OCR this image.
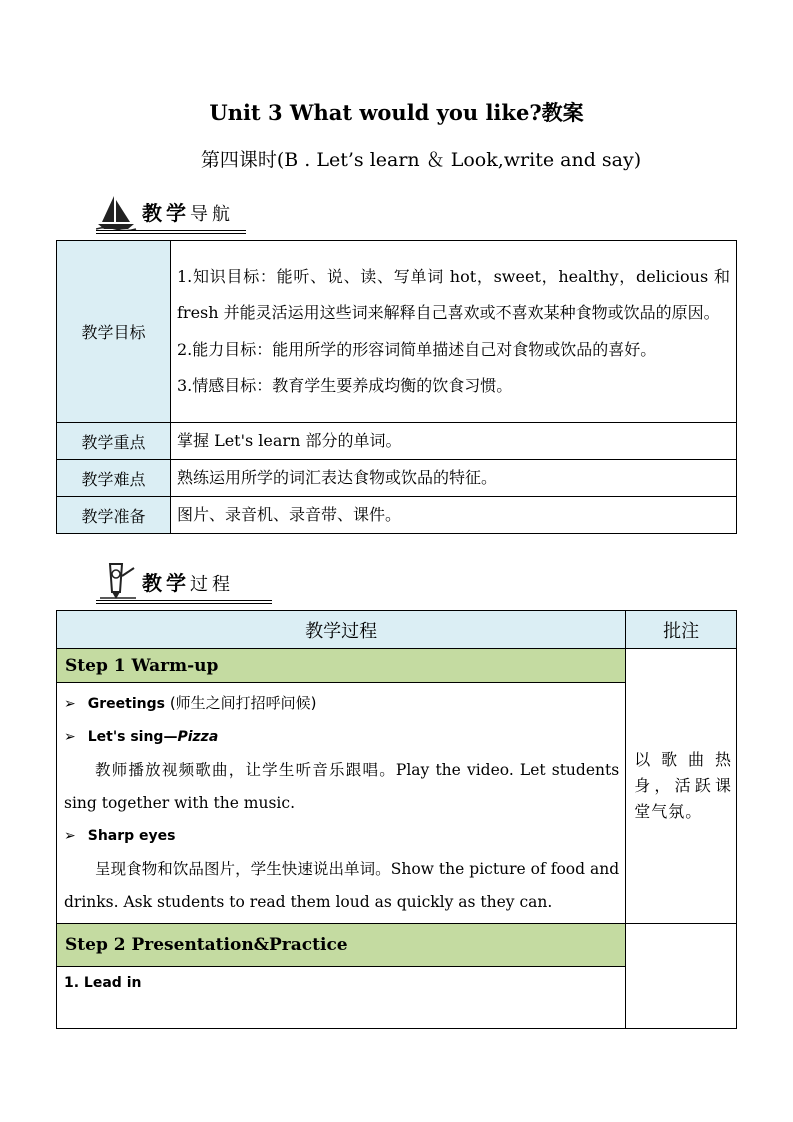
Unit 3 What would you like?教案
第四课时(B . Let’s learn ＆ Look,write and say)
教学导航
教学目标	1.知识目标：能听、说、读、写单词 hot，sweet，healthy，delicious 和 fresh 并能灵活运用这些词来解释自己喜欢或不喜欢某种食物或饮品的原因。

2.能力目标：能用所学的形容词简单描述自己对食物或饮品的喜好。

3.情感目标：教育学生要养成均衡的饮食习惯。

教学重点	掌握 Let's learn 部分的单词。
教学难点	熟练运用所学的词汇表达食物或饮品的特征。
教学准备	图片、录音机、录音带、课件。
教学过程
教学过程	批注
Step 1 Warm-up	以歌曲热身，活跃课堂气氛。

➢ Greetings (师生之间打招呼问候)
➢ Let's sing—Pizza

教师播放视频歌曲，让学生听音乐跟唱。Play the video. Let students sing together with the music.

➢ Sharp eyes

呈现食物和饮品图片，学生快速说出单词。Show the picture of food and drinks. Ask students to read them loud as quickly as they can.	

Step 2 Presentation&Practice	
1. Lead in	
